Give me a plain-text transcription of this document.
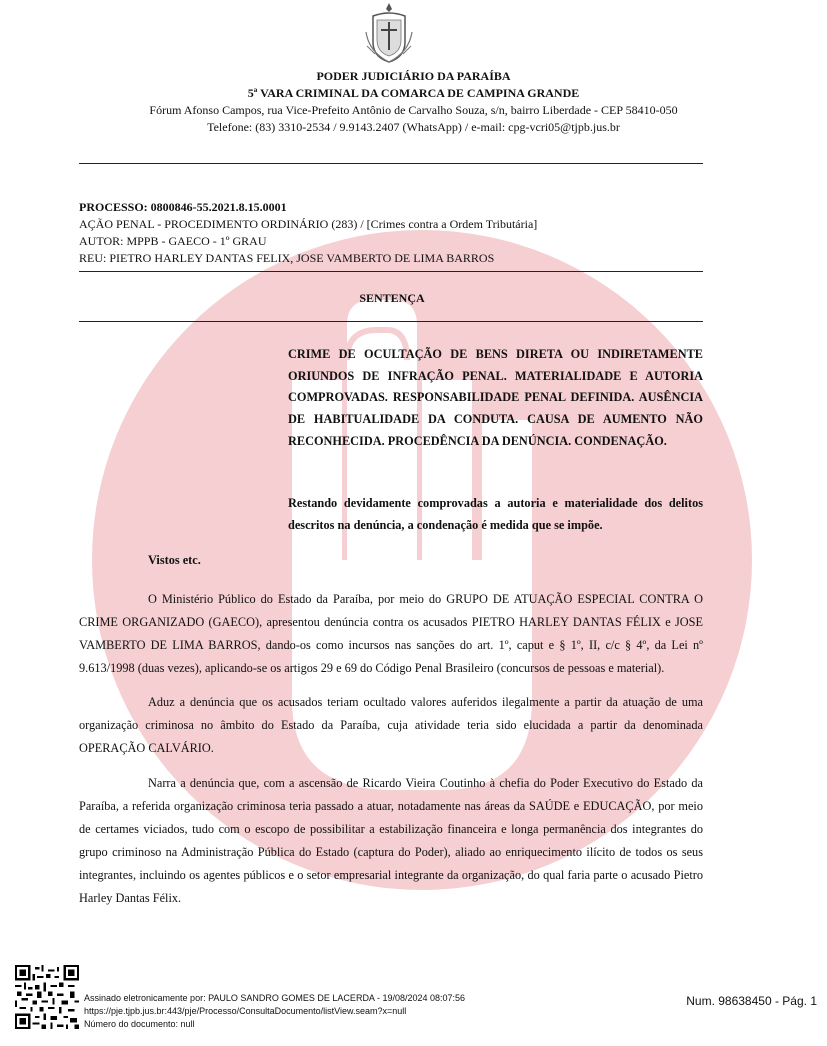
PODER JUDICIÁRIO DA PARAÍBA
5ª VARA CRIMINAL DA COMARCA DE CAMPINA GRANDE
Fórum Afonso Campos, rua Vice-Prefeito Antônio de Carvalho Souza, s/n, bairro Liberdade - CEP 58410-050
Telefone: (83) 3310-2534 / 9.9143.2407 (WhatsApp) / e-mail: cpg-vcri05@tjpb.jus.br
PROCESSO: 0800846-55.2021.8.15.0001
AÇÃO PENAL - PROCEDIMENTO ORDINÁRIO (283) / [Crimes contra a Ordem Tributária]
AUTOR: MPPB - GAECO - 1º GRAU
REU: PIETRO HARLEY DANTAS FELIX, JOSE VAMBERTO DE LIMA BARROS
SENTENÇA
CRIME DE OCULTAÇÃO DE BENS DIRETA OU INDIRETAMENTE ORIUNDOS DE INFRAÇÃO PENAL. MATERIALIDADE E AUTORIA COMPROVADAS. RESPONSABILIDADE PENAL DEFINIDA. AUSÊNCIA DE HABITUALIDADE DA CONDUTA. CAUSA DE AUMENTO NÃO RECONHECIDA. PROCEDÊNCIA DA DENÚNCIA. CONDENAÇÃO.
Restando devidamente comprovadas a autoria e materialidade dos delitos descritos na denúncia, a condenação é medida que se impõe.
Vistos etc.
O Ministério Público do Estado da Paraíba, por meio do GRUPO DE ATUAÇÃO ESPECIAL CONTRA O CRIME ORGANIZADO (GAECO), apresentou denúncia contra os acusados PIETRO HARLEY DANTAS FÉLIX e JOSE VAMBERTO DE LIMA BARROS, dando-os como incursos nas sanções do art. 1º, caput e § 1º, II, c/c § 4º, da Lei nº 9.613/1998 (duas vezes), aplicando-se os artigos 29 e 69 do Código Penal Brasileiro (concursos de pessoas e material).
Aduz a denúncia que os acusados teriam ocultado valores auferidos ilegalmente a partir da atuação de uma organização criminosa no âmbito do Estado da Paraíba, cuja atividade teria sido elucidada a partir da denominada OPERAÇÃO CALVÁRIO.
Narra a denúncia que, com a ascensão de Ricardo Vieira Coutinho à chefia do Poder Executivo do Estado da Paraíba, a referida organização criminosa teria passado a atuar, notadamente nas áreas da SAÚDE e EDUCAÇÃO, por meio de certames viciados, tudo com o escopo de possibilitar a estabilização financeira e longa permanência dos integrantes do grupo criminoso na Administração Pública do Estado (captura do Poder), aliado ao enriquecimento ilícito de todos os seus integrantes, incluindo os agentes públicos e o setor empresarial integrante da organização, do qual faria parte o acusado Pietro Harley Dantas Félix.
Assinado eletronicamente por: PAULO SANDRO GOMES DE LACERDA - 19/08/2024 08:07:56
https://pje.tjpb.jus.br:443/pje/Processo/ConsultaDocumento/listView.seam?x=null
Número do documento: null
Num. 98638450 - Pág. 1
